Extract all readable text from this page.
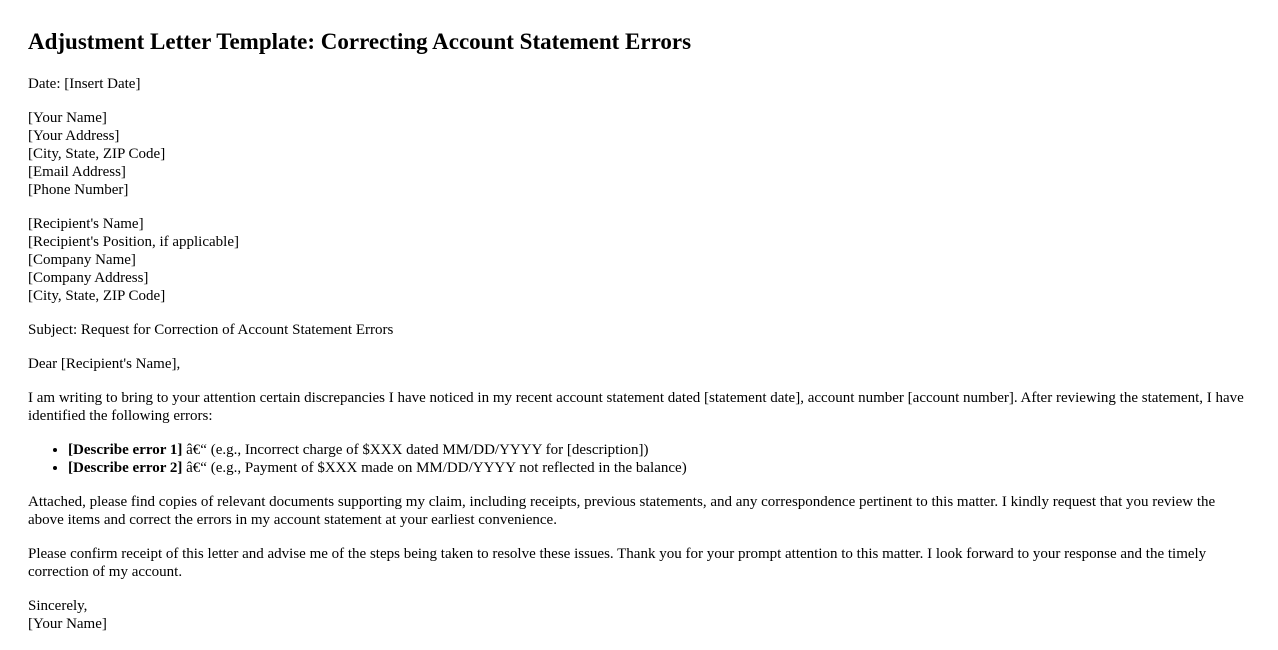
Adjustment Letter Template: Correcting Account Statement Errors

Date: [Insert Date]

[Your Name]
[Your Address]
[City, State, ZIP Code]
[Email Address]
[Phone Number]

[Recipient's Name]
[Recipient's Position, if applicable]
[Company Name]
[Company Address]
[City, State, ZIP Code]

Subject: Request for Correction of Account Statement Errors

Dear [Recipient's Name],

I am writing to bring to your attention certain discrepancies I have noticed in my recent account statement dated [statement date], account number [account number]. After reviewing the statement, I have identified the following errors:

• [Describe error 1] â€“ (e.g., Incorrect charge of $XXX dated MM/DD/YYYY for [description])
• [Describe error 2] â€“ (e.g., Payment of $XXX made on MM/DD/YYYY not reflected in the balance)

Attached, please find copies of relevant documents supporting my claim, including receipts, previous statements, and any correspondence pertinent to this matter. I kindly request that you review the above items and correct the errors in my account statement at your earliest convenience.

Please confirm receipt of this letter and advise me of the steps being taken to resolve these issues. Thank you for your prompt attention to this matter. I look forward to your response and the timely correction of my account.

Sincerely,
[Your Name]
